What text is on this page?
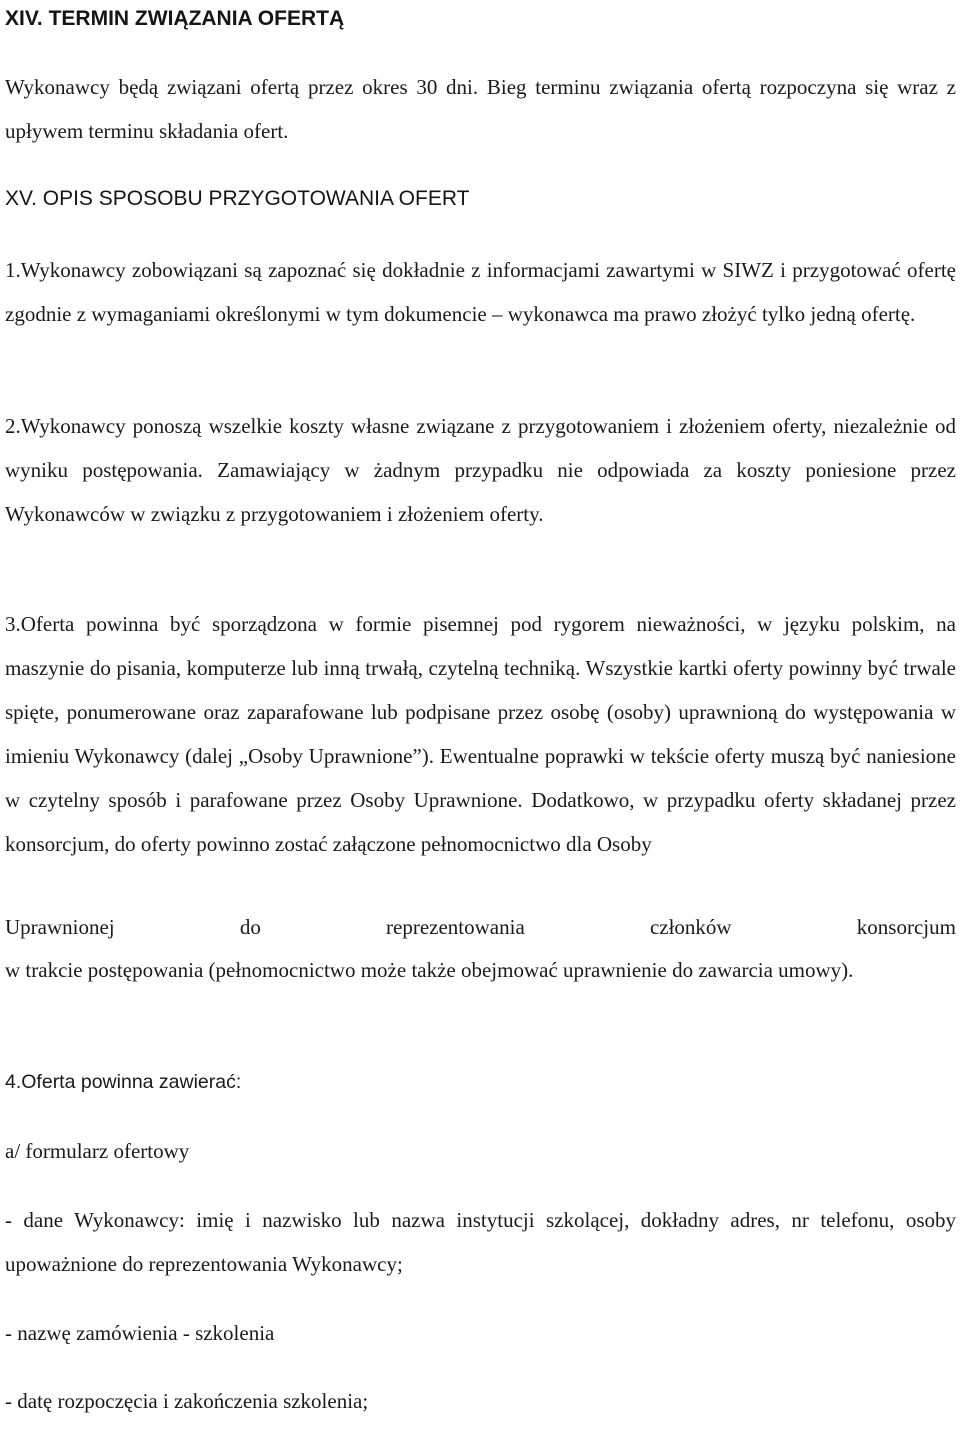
XIV. TERMIN ZWIĄZANIA OFERTĄ

Wykonawcy będą związani ofertą przez okres 30 dni. Bieg terminu związania ofertą rozpoczyna się wraz z upływem terminu składania ofert.

XV. OPIS SPOSOBU PRZYGOTOWANIA OFERT

1.Wykonawcy zobowiązani są zapoznać się dokładnie z informacjami zawartymi w SIWZ i przygotować ofertę zgodnie z wymaganiami określonymi w tym dokumencie – wykonawca ma prawo złożyć tylko jedną ofertę.

2.Wykonawcy ponoszą wszelkie koszty własne związane z przygotowaniem i złożeniem oferty, niezależnie od wyniku postępowania. Zamawiający w żadnym przypadku nie odpowiada za koszty poniesione przez Wykonawców w związku z przygotowaniem i złożeniem oferty.

3.Oferta powinna być sporządzona w formie pisemnej pod rygorem nieważności, w języku polskim, na maszynie do pisania, komputerze lub inną trwałą, czytelną techniką. Wszystkie kartki oferty powinny być trwale spięte, ponumerowane oraz zaparafowane lub podpisane przez osobę (osoby) uprawnioną do występowania w imieniu Wykonawcy (dalej „Osoby Uprawnione”). Ewentualne poprawki w tekście oferty muszą być naniesione w czytelny sposób i parafowane przez Osoby Uprawnione. Dodatkowo, w przypadku oferty składanej przez konsorcjum, do oferty powinno zostać załączone pełnomocnictwo dla Osoby

Uprawnionej	do	reprezentowania	członków	konsorcjum

w trakcie postępowania (pełnomocnictwo może także obejmować uprawnienie do zawarcia umowy).

4.Oferta powinna zawierać:
a/ formularz ofertowy

- dane Wykonawcy: imię i nazwisko lub nazwa instytucji szkolącej, dokładny adres, nr telefonu, osoby upoważnione do reprezentowania Wykonawcy;

- nazwę zamówienia - szkolenia
- datę rozpoczęcia i zakończenia szkolenia;
